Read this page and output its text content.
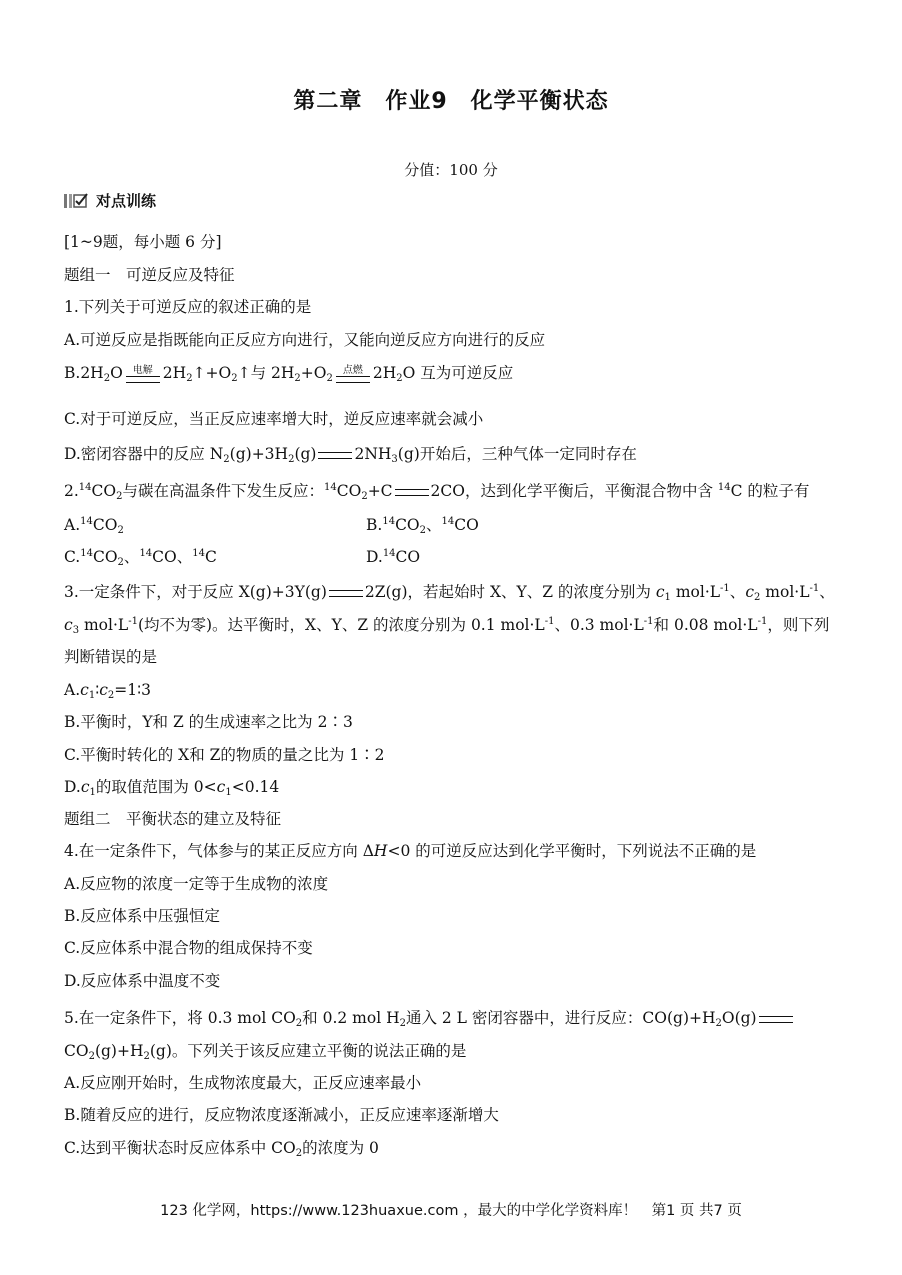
第二章　作业9　化学平衡状态
分值：100 分
对点训练
[1~9题，每小题 6 分]
题组一　可逆反应及特征
1.下列关于可逆反应的叙述正确的是
A.可逆反应是指既能向正反应方向进行，又能向逆反应方向进行的反应
$B.2H_2O$ 电解 $2H_2↑+O_2↑$与 $2H_2+O_2$
点燃 $2H_2O$ 互为可逆反应
C.对于可逆反应，当正反应速率增大时，逆反应速率就会减小
D.密闭容器中的反应 $N_2(g)+3H_2(g)$ $2NH_3(g)$开始后，三种气体一定同时存在
$2.14CO_2$与碳在高温条件下发生反应：$^{14}CO_2+C$ 2CO，达到化学平衡后，平衡混合物中含 $^{14}$C 的粒子有
$A.^{14}CO_2$	$B.^{14}CO_2$、$^{14}$CO
$C.^{14}CO_2$、$^{14}$CO、$^{14}$C	D.$^{14}$CO
3.一定条件下，对于反应 X(g)+3Y(g) 2Z(g)，若起始时 X、Y、Z 的浓度分别为 $c_1$ $mol\cdot L^{-1}$、$c_2$ $mol\cdot L^{-1}$、
$c_3$ $mol\cdot L^{-1}$(均不为零)。达平衡时，X、Y、Z 的浓度分别为 0.1 $mol\cdot L^{-1}$、0.3 $mol\cdot L^{-1}$和 0.08 $mol\cdot L^{-1}$，则下列
判断错误的是
$A.c_1∶c_2=1∶3$
B.平衡时，Y和 Z 的生成速率之比为 2∶3
C.平衡时转化的 X和 Z的物质的量之比为 1∶2
$D.c_1$的取值范围为 $0<c_1<0.14$
题组二　平衡状态的建立及特征
4.在一定条件下，气体参与的某正反应方向 ΔH<0 的可逆反应达到化学平衡时，下列说法不正确的是
A.反应物的浓度一定等于生成物的浓度
B.反应体系中压强恒定
C.反应体系中混合物的组成保持不变
D.反应体系中温度不变
5.在一定条件下，将 0.3 mol $CO_2$和 0.2 mol $H_2$通入 2 L 密闭容器中，进行反应：$CO(g)+H_2O(g)$
$CO_2(g)+H_2(g)$。下列关于该反应建立平衡的说法正确的是
A.反应刚开始时，生成物浓度最大，正反应速率最小
B.随着反应的进行，反应物浓度逐渐减小，正反应速率逐渐增大
C.达到平衡状态时反应体系中 $CO_2$的浓度为 0
123 化学网，https://www.123huaxue.com ，最大的中学化学资料库！　第1 页 共7 页
